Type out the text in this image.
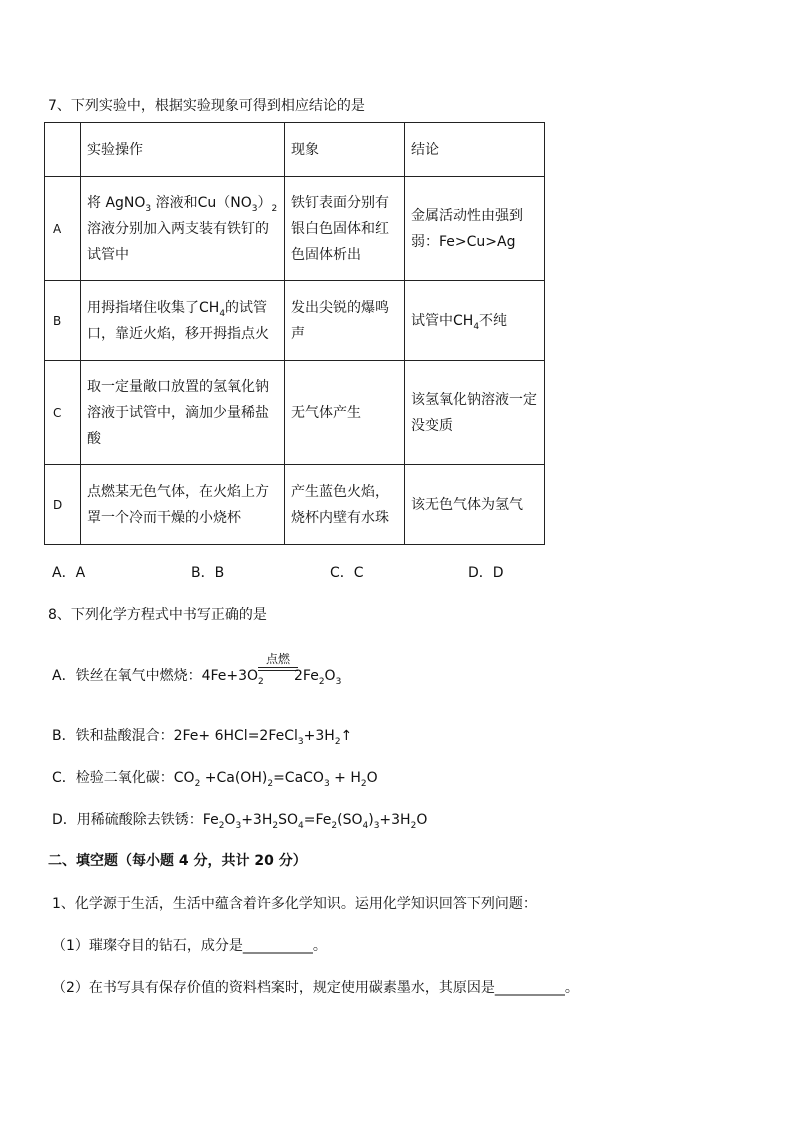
7、下列实验中，根据实验现象可得到相应结论的是
	实验操作	现象	结论
A	将 AgNO$_3$ 溶液和$Cu(NO_3)_2$溶液分别加入两支装有铁钉的试管中	铁钉表面分别有银白色固体和红色固体析出	金属活动性由强到弱：Fe>Cu>Ag
B	用拇指堵住收集了$CH_4$的试管口，靠近火焰，移开拇指点火	发出尖锐的爆鸣声	试管中$CH_4$不纯
C	取一定量敞口放置的氢氧化钠溶液于试管中，滴加少量稀盐酸	无气体产生	该氢氧化钠溶液一定没变质
D	点燃某无色气体，在火焰上方罩一个冷而干燥的小烧杯	产生蓝色火焰，烧杯内壁有水珠	该无色气体为氢气
A．A	B．B	C．C	D．D
8、下列化学方程式中书写正确的是
A．铁丝在氧气中燃烧：$4Fe+3O_2$
点燃
$2Fe_2O_3$
B．铁和盐酸混合：$2Fe+ 6HCl=2FeCl_3+3H_2↑$
C．检验二氧化碳：$CO_2$ $+Ca(OH)_2=CaCO_3 + H_2O$
D．用稀硫酸除去铁锈：$Fe_2O_3+3H_2SO_4=Fe_2(SO_4)_3+3H_2O$
二、填空题（每小题 4 分，共计 20 分）
1、化学源于生活，生活中蕴含着许多化学知识。运用化学知识回答下列问题：
（1）璀璨夺目的钻石，成分是__________。
（2）在书写具有保存价值的资料档案时，规定使用碳素墨水，其原因是__________。
